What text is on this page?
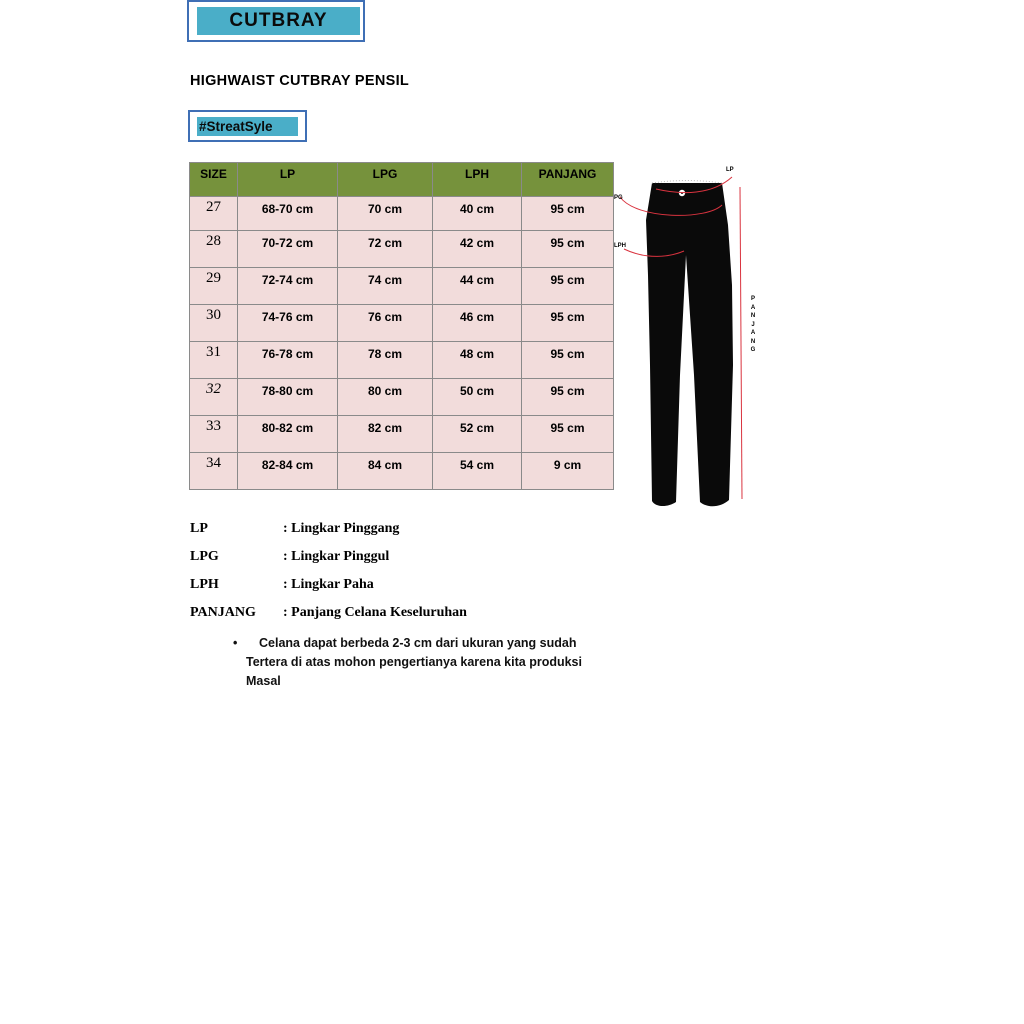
CUTBRAY
HIGHWAIST CUTBRAY PENSIL
#StreatSyle
SIZE	LP	LPG	LPH	PANJANG
27	68-70 cm	70 cm	40 cm	95 cm
28	70-72 cm	72 cm	42 cm	95 cm
29	72-74 cm	74 cm	44 cm	95 cm
30	74-76 cm	76 cm	46 cm	95 cm
31	76-78 cm	78 cm	48 cm	95 cm
32	78-80 cm	80 cm	50 cm	95 cm
33	80-82 cm	82 cm	52 cm	95 cm
34	82-84 cm	84 cm	54 cm	9 cm
LP
PG
LPH
P
A
N
J
A
N
G
LP	: Lingkar Pinggang
LPG	: Lingkar Pinggul
LPH	: Lingkar Paha
PANJANG : Panjang Celana Keseluruhan
• Celana dapat berbeda 2-3 cm dari ukuran yang sudah
Tertera di atas mohon pengertianya karena kita produksi
Masal
